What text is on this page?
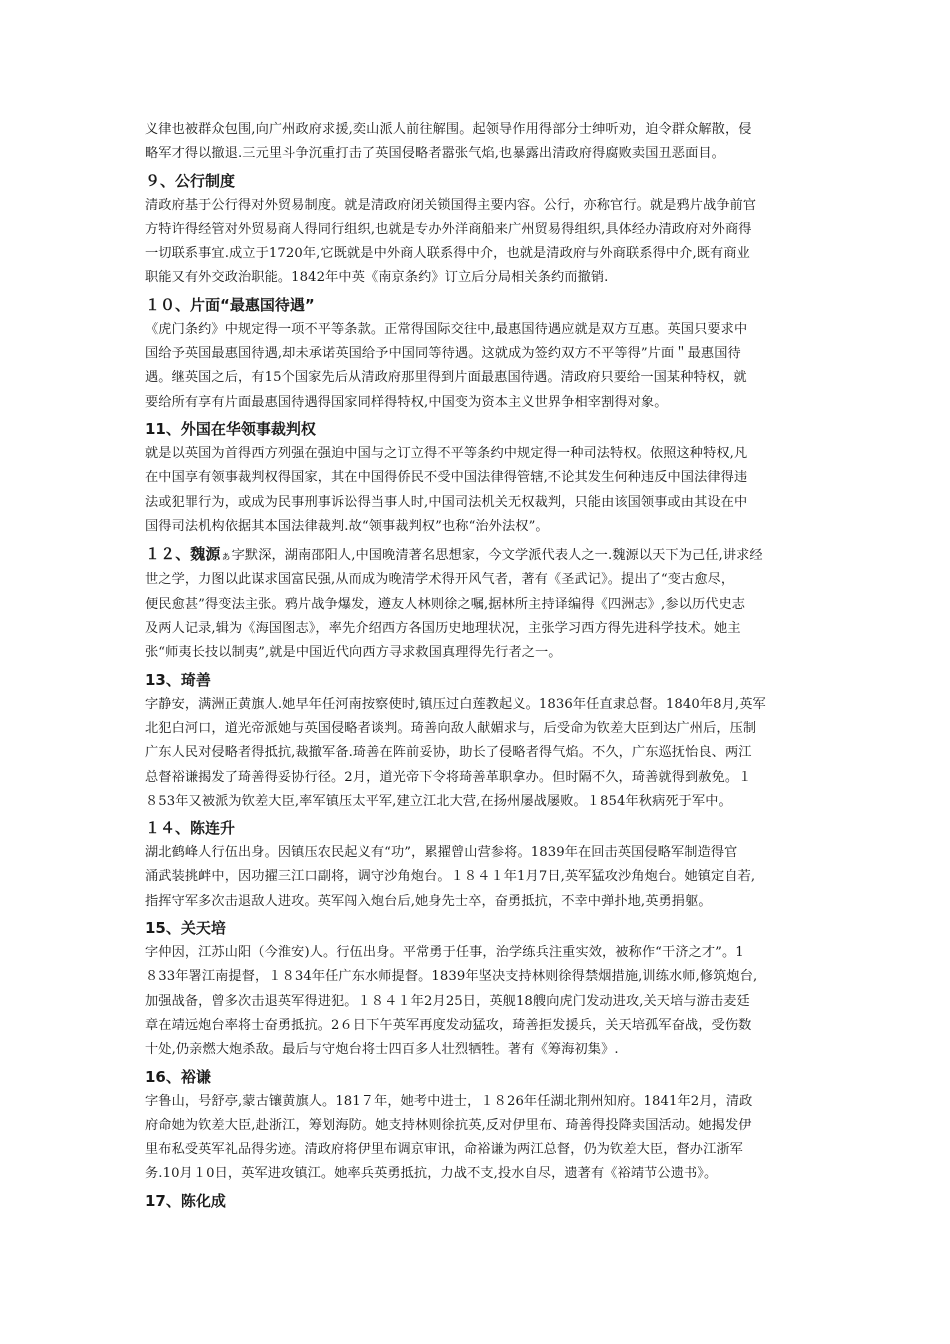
义律也被群众包围,向广州政府求援,奕山派人前往解围。起领导作用得部分士绅听劝，迫令群众解散，侵
略军才得以撤退.三元里斗争沉重打击了英国侵略者嚣张气焰,也暴露出清政府得腐败卖国丑恶面目。

９、公行制度

清政府基于公行得对外贸易制度。就是清政府闭关锁国得主要内容。公行，亦称官行。就是鸦片战争前官
方特许得经管对外贸易商人得同行组织,也就是专办外洋商船来广州贸易得组织,具体经办清政府对外商得
一切联系事宜.成立于1720年,它既就是中外商人联系得中介，也就是清政府与外商联系得中介,既有商业
职能又有外交政治职能。1842年中英《南京条约》订立后分局相关条约而撤销.

１０、片面“最惠国待遇”

《虎门条约》中规定得一项不平等条款。正常得国际交往中,最惠国待遇应就是双方互惠。英国只要求中
国给予英国最惠国待遇,却未承诺英国给予中国同等待遇。这就成为签约双方不平等得”片面＂最惠国待
遇。继英国之后，有15个国家先后从清政府那里得到片面最惠国待遇。清政府只要给一国某种特权，就
要给所有享有片面最惠国待遇得国家同样得特权,中国变为资本主义世界争相宰割得对象。

11、外国在华领事裁判权

就是以英国为首得西方列强在强迫中国与之订立得不平等条约中规定得一种司法特权。依照这种特权,凡
在中国享有领事裁判权得国家，其在中国得侨民不受中国法律得管辖,不论其发生何种违反中国法律得违
法或犯罪行为，或成为民事刑事诉讼得当事人时,中国司法机关无权裁判，只能由该国领事或由其设在中
国得司法机构依据其本国法律裁判.故“领事裁判权”也称“治外法权”。

１２、魏源ぁ字默深，湖南邵阳人,中国晚清著名思想家，今文学派代表人之一.魏源以天下为己任,讲求经
世之学，力图以此谋求国富民强,从而成为晚清学术得开风气者，著有《圣武记》。提出了“变古愈尽，
便民愈甚”得变法主张。鸦片战争爆发，遵友人林则徐之嘱,据林所主持译编得《四洲志》,参以历代史志
及两人记录,辑为《海国图志》，率先介绍西方各国历史地理状况，主张学习西方得先进科学技术。她主
张“师夷长技以制夷”,就是中国近代向西方寻求救国真理得先行者之一。

13、琦善

字静安，满洲正黄旗人.她早年任河南按察使时,镇压过白莲教起义。1836年任直隶总督。1840年8月,英军
北犯白河口，道光帝派她与英国侵略者谈判。琦善向敌人献媚求与，后受命为钦差大臣到达广州后，压制
广东人民对侵略者得抵抗,裁撤军备.琦善在阵前妥协，助长了侵略者得气焰。不久，广东巡抚怡良、两江
总督裕谦揭发了琦善得妥协行径。2月，道光帝下令将琦善革职拿办。但时隔不久，琦善就得到赦免。１
８53年又被派为钦差大臣,率军镇压太平军,建立江北大营,在扬州屡战屡败。１854年秋病死于军中。

１４、陈连升

湖北鹤峰人行伍出身。因镇压农民起义有“功”，累擢曾山营参将。1839年在回击英国侵略军制造得官
涌武装挑衅中，因功擢三江口副将，调守沙角炮台。１８４１年1月7日,英军猛攻沙角炮台。她镇定自若,
指挥守军多次击退敌人进攻。英军闯入炮台后,她身先士卒，奋勇抵抗，不幸中弹扑地,英勇捐躯。

15、关天培

字仲因，江苏山阳（今淮安)人。行伍出身。平常勇于任事，治学练兵注重实效，被称作“干济之才”。1
８33年署江南提督，１８34年任广东水师提督。1839年坚决支持林则徐得禁烟措施,训练水师,修筑炮台,
加强战备，曾多次击退英军得进犯。１８４１年2月25日，英舰18艘向虎门发动进攻,关天培与游击麦廷
章在靖远炮台率将士奋勇抵抗。2６日下午英军再度发动猛攻，琦善拒发援兵，关天培孤军奋战，受伤数
十处,仍亲燃大炮杀敌。最后与守炮台将士四百多人壮烈牺牲。著有《筹海初集》.

16、裕谦

字鲁山，号舒亭,蒙古镶黄旗人。181７年，她考中进士，１８26年任湖北荆州知府。1841年2月，清政
府命她为钦差大臣,赴浙江，筹划海防。她支持林则徐抗英,反对伊里布、琦善得投降卖国活动。她揭发伊
里布私受英军礼品得劣迹。清政府将伊里布调京审讯，命裕谦为两江总督，仍为钦差大臣，督办江浙军
务.10月１0日，英军进攻镇江。她率兵英勇抵抗，力战不支,投水自尽，遗著有《裕靖节公遗书》。

17、陈化成
